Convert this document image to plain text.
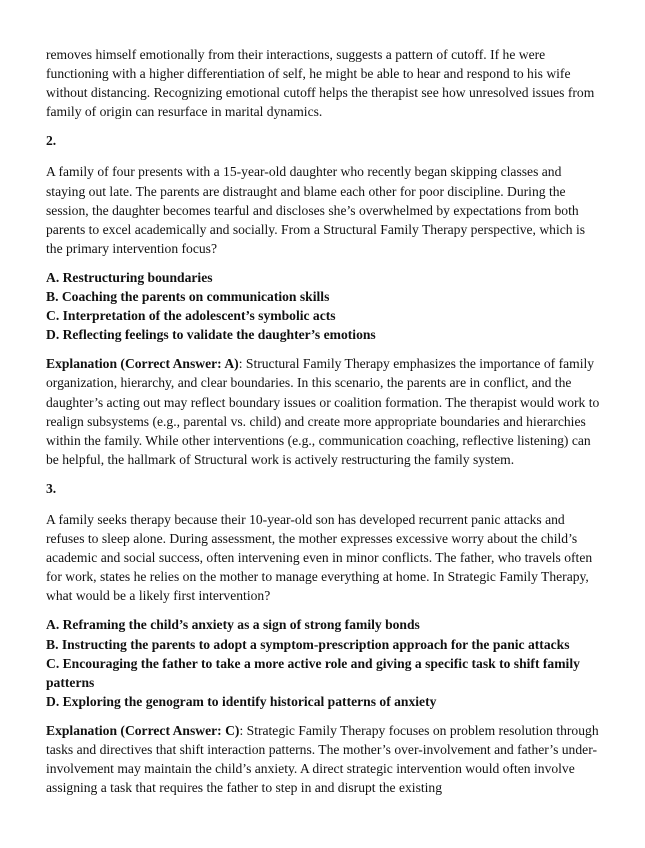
removes himself emotionally from their interactions, suggests a pattern of cutoff. If he were functioning with a higher differentiation of self, he might be able to hear and respond to his wife without distancing. Recognizing emotional cutoff helps the therapist see how unresolved issues from family of origin can resurface in marital dynamics.

2.

A family of four presents with a 15-year-old daughter who recently began skipping classes and staying out late. The parents are distraught and blame each other for poor discipline. During the session, the daughter becomes tearful and discloses she’s overwhelmed by expectations from both parents to excel academically and socially. From a Structural Family Therapy perspective, which is the primary intervention focus?

A. Restructuring boundaries

B. Coaching the parents on communication skills

C. Interpretation of the adolescent’s symbolic acts

D. Reflecting feelings to validate the daughter’s emotions

Explanation (Correct Answer: A): Structural Family Therapy emphasizes the importance of family organization, hierarchy, and clear boundaries. In this scenario, the parents are in conflict, and the daughter’s acting out may reflect boundary issues or coalition formation. The therapist would work to realign subsystems (e.g., parental vs. child) and create more appropriate boundaries and hierarchies within the family. While other interventions (e.g., communication coaching, reflective listening) can be helpful, the hallmark of Structural work is actively restructuring the family system.

3.

A family seeks therapy because their 10-year-old son has developed recurrent panic attacks and refuses to sleep alone. During assessment, the mother expresses excessive worry about the child’s academic and social success, often intervening even in minor conflicts. The father, who travels often for work, states he relies on the mother to manage everything at home. In Strategic Family Therapy, what would be a likely first intervention?

A. Reframing the child’s anxiety as a sign of strong family bonds

B. Instructing the parents to adopt a symptom-prescription approach for the panic attacks

C. Encouraging the father to take a more active role and giving a specific task to shift family patterns

D. Exploring the genogram to identify historical patterns of anxiety

Explanation (Correct Answer: C): Strategic Family Therapy focuses on problem resolution through tasks and directives that shift interaction patterns. The mother’s over-involvement and father’s under-involvement may maintain the child’s anxiety. A direct strategic intervention would often involve assigning a task that requires the father to step in and disrupt the existing
